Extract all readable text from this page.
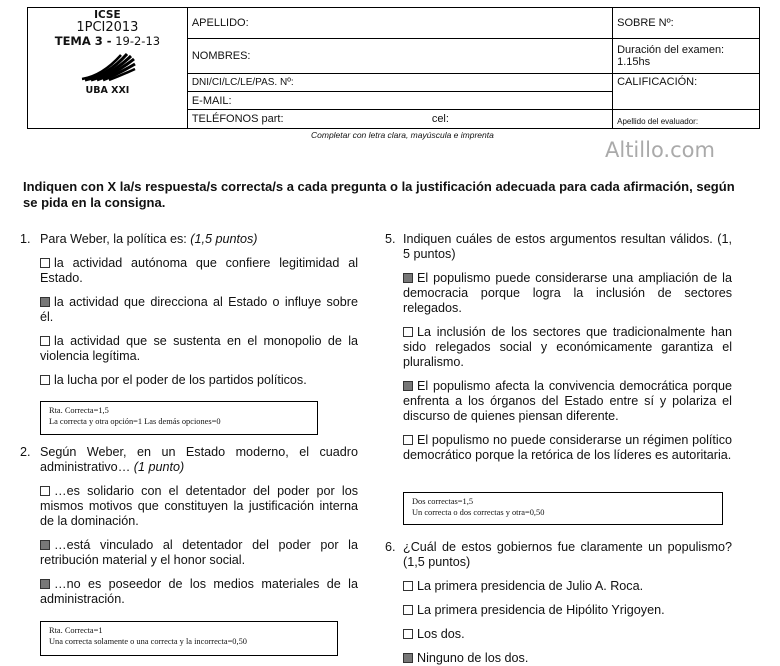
ICSE
1PCI2013
TEMA 3 - 19-2-13
UBA XXI	APELLIDO:	SOBRE Nº:
	NOMBRES:	Duración del examen: 1.15hs
	DNI/CI/LC/LE/PAS. Nº:	CALIFICACIÓN:
	E-MAIL:	
	TELÉFONOS part: cel:	Apellido del evaluador:
Completar con letra clara, mayúscula e imprenta
Altillo.com
Indiquen con X la/s respuesta/s correcta/s a cada pregunta o la justificación adecuada para cada afirmación, según se pida en la consigna.
1. Para Weber, la política es: (1,5 puntos)

la actividad autónoma que confiere legitimidad al Estado.

la actividad que direcciona al Estado o influye sobre él.

la actividad que se sustenta en el monopolio de la violencia legítima.

la lucha por el poder de los partidos políticos.

Rta. Correcta=1,5
La correcta y otra opción=1 Las demás opciones=0
2. Según Weber, en un Estado moderno, el cuadro administrativo… (1 punto)

…es solidario con el detentador del poder por los mismos motivos que constituyen la justificación interna de la dominación.

…está vinculado al detentador del poder por la retribución material y el honor social.

…no es poseedor de los medios materiales de la administración.

Rta. Correcta=1
Una correcta solamente o una correcta y la incorrecta=0,50
5. Indiquen cuáles de estos argumentos resultan válidos. (1, 5 puntos)

El populismo puede considerarse una ampliación de la democracia porque logra la inclusión de sectores relegados.

La inclusión de los sectores que tradicionalmente han sido relegados social y económicamente garantiza el pluralismo.

El populismo afecta la convivencia democrática porque enfrenta a los órganos del Estado entre sí y polariza el discurso de quienes piensan diferente.

El populismo no puede considerarse un régimen político democrático porque la retórica de los líderes es autoritaria.

Dos correctas=1,5
Un correcta o dos correctas y otra=0,50
6. ¿Cuál de estos gobiernos fue claramente un populismo? (1,5 puntos)

La primera presidencia de Julio A. Roca.

La primera presidencia de Hipólito Yrigoyen.

Los dos.

Ninguno de los dos.
